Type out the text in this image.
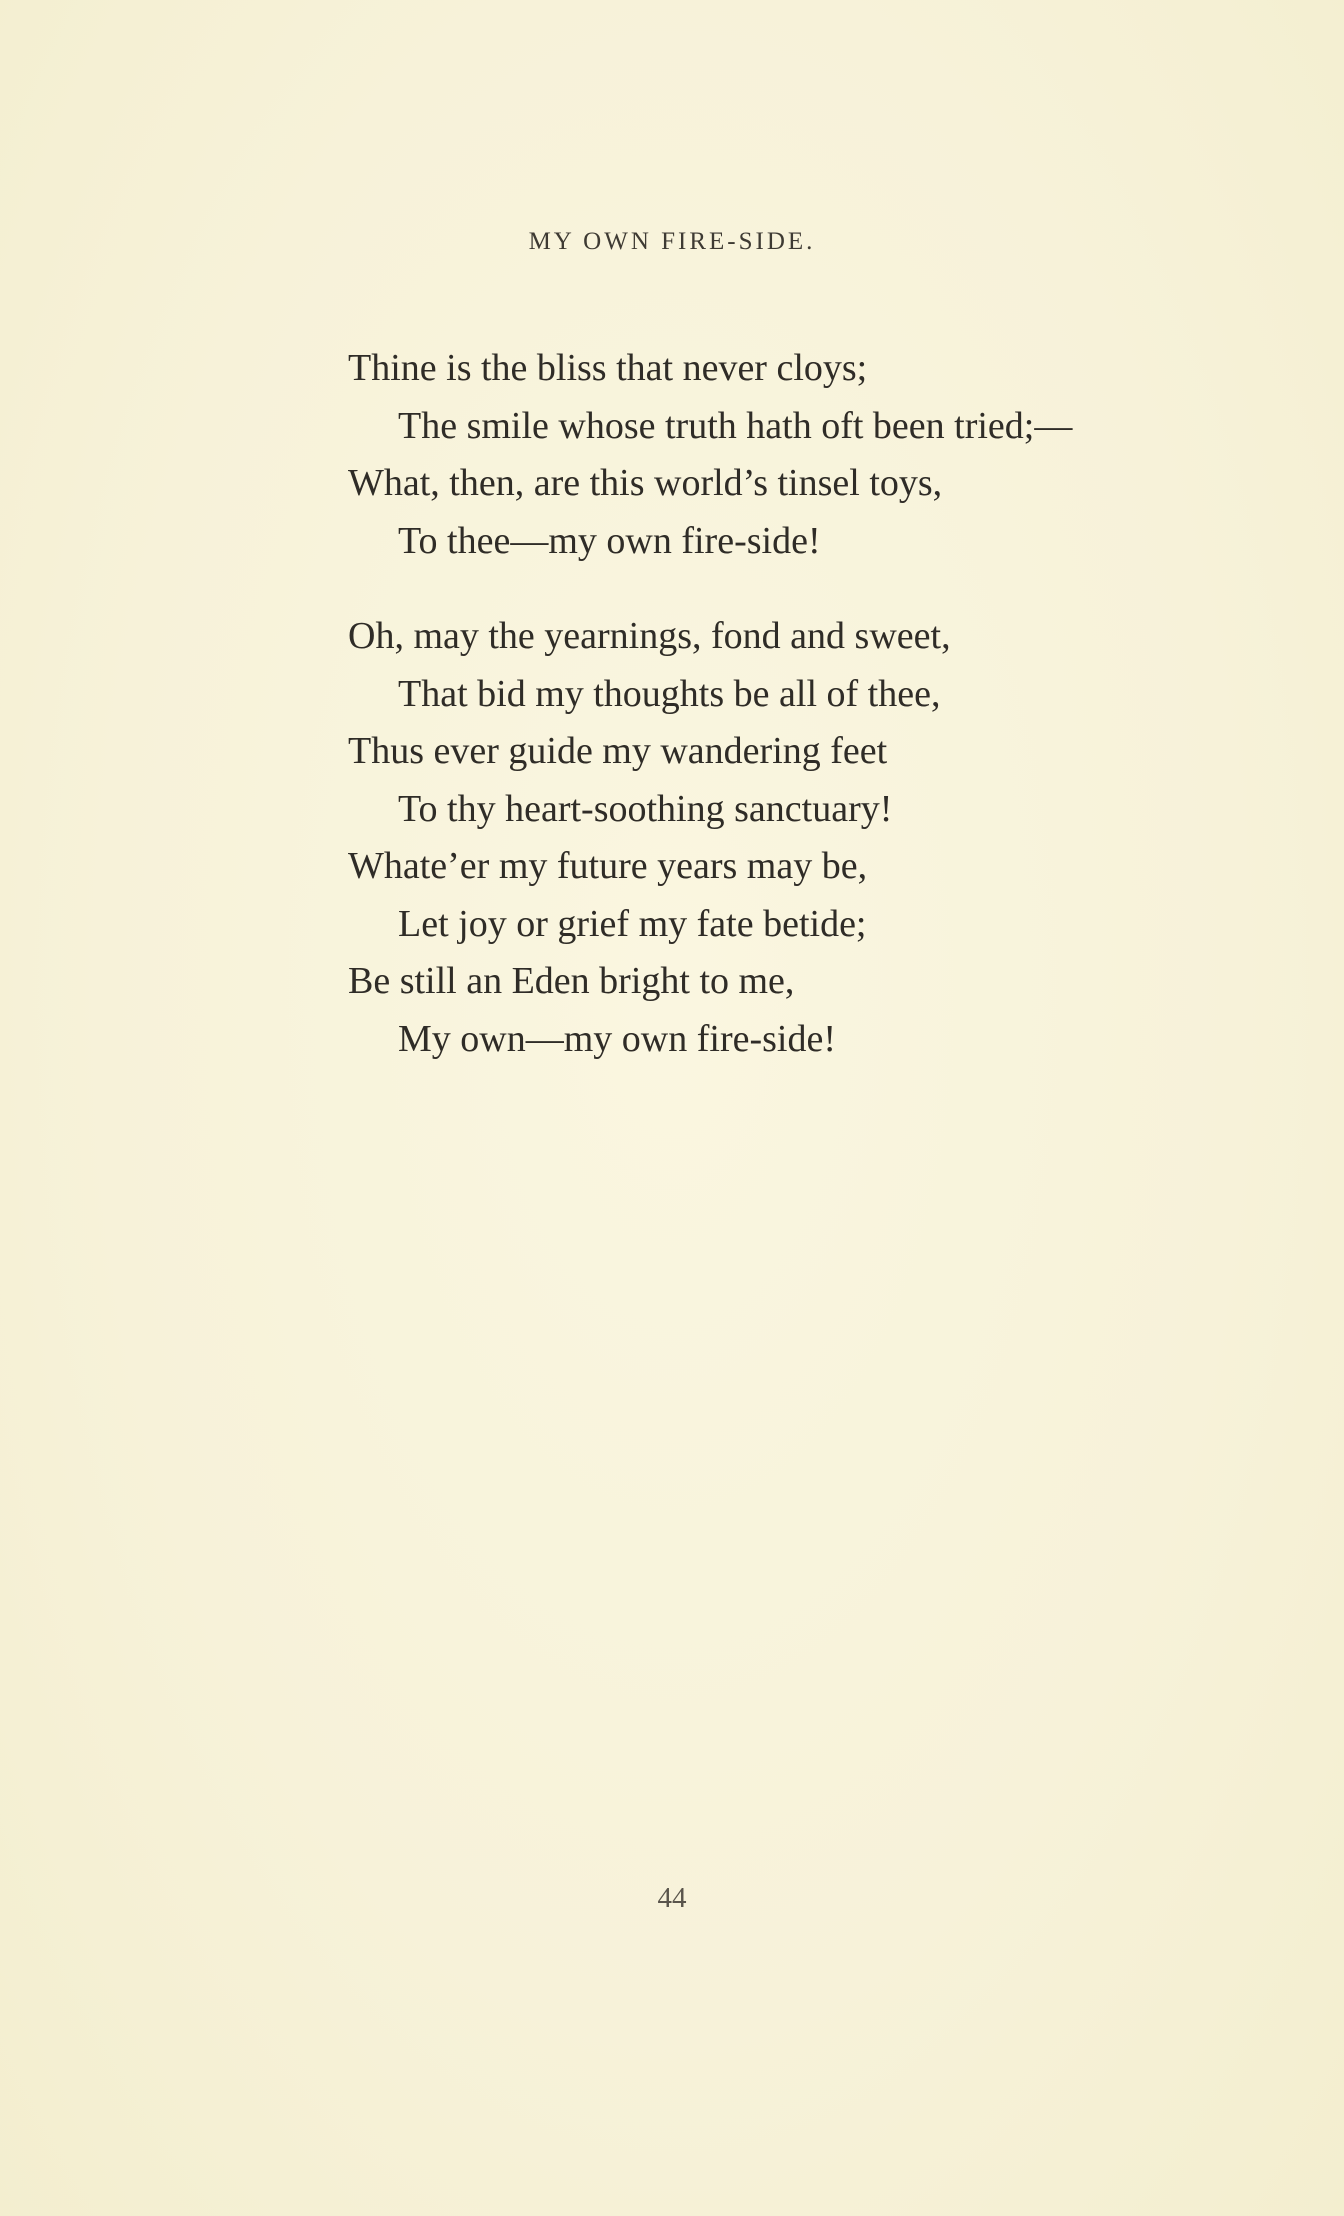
MY OWN FIRE-SIDE.
Thine is the bliss that never cloys;
The smile whose truth hath oft been tried;—
What, then, are this world’s tinsel toys,
To thee—my own fire-side!
Oh, may the yearnings, fond and sweet,
That bid my thoughts be all of thee,
Thus ever guide my wandering feet
To thy heart-soothing sanctuary!
Whate’er my future years may be,
Let joy or grief my fate betide;
Be still an Eden bright to me,
My own—my own fire-side!
44
